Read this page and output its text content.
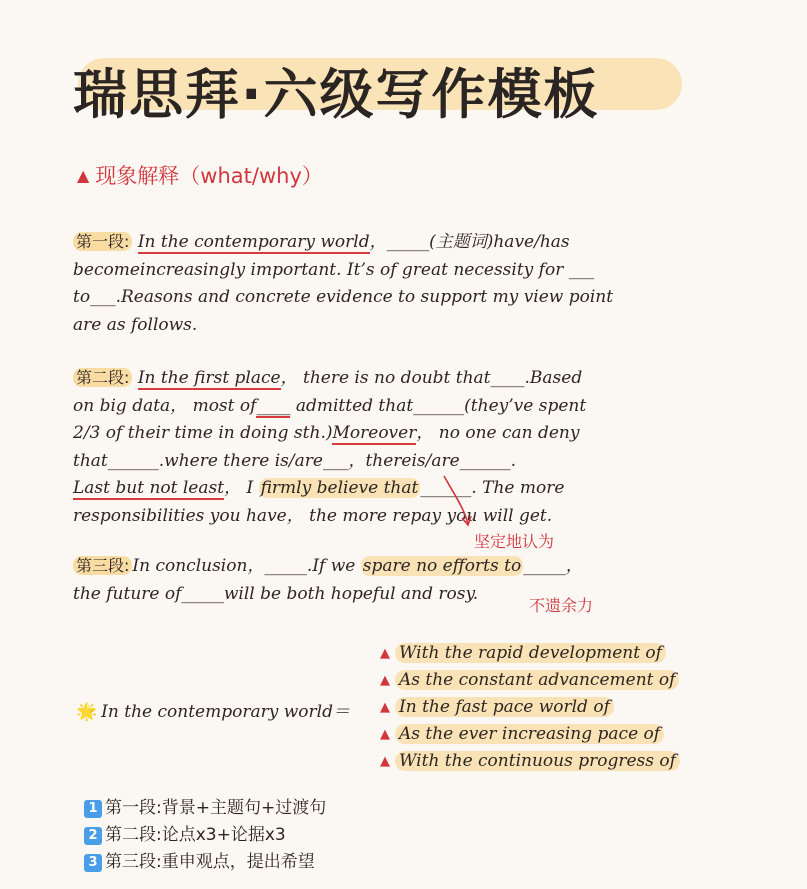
瑞思拜·六级写作模板
▲ 现象解释（what/why）
第一段: In the contemporary world，_____(主题词)have/has
becomeincreasingly important. It’s of great necessity for ___
to___.Reasons and concrete evidence to support my view point
are as follows.
第二段: In the first place， there is no doubt that____.Based
on big data， most of____ admitted that______(they’ve spent
2/3 of their time in doing sth.)Moreover， no one can deny
that______.where there is/are___，thereis/are______.
Last but not least， I firmly believe that ______. The more
responsibilities you have， the more repay you will get.
坚定地认为
第三段: In conclusion，_____.If we spare no efforts to _____，
the future of_____will be both hopeful and rosy.
不遗余力
🌟 In the contemporary world＝
▲ With the rapid development of
▲ As the constant advancement of
▲ In the fast pace world of
▲ As the ever increasing pace of
▲ With the continuous progress of
1 第一段:背景+主题句+过渡句
2 第二段:论点x3+论据x3
3 第三段:重申观点，提出希望
